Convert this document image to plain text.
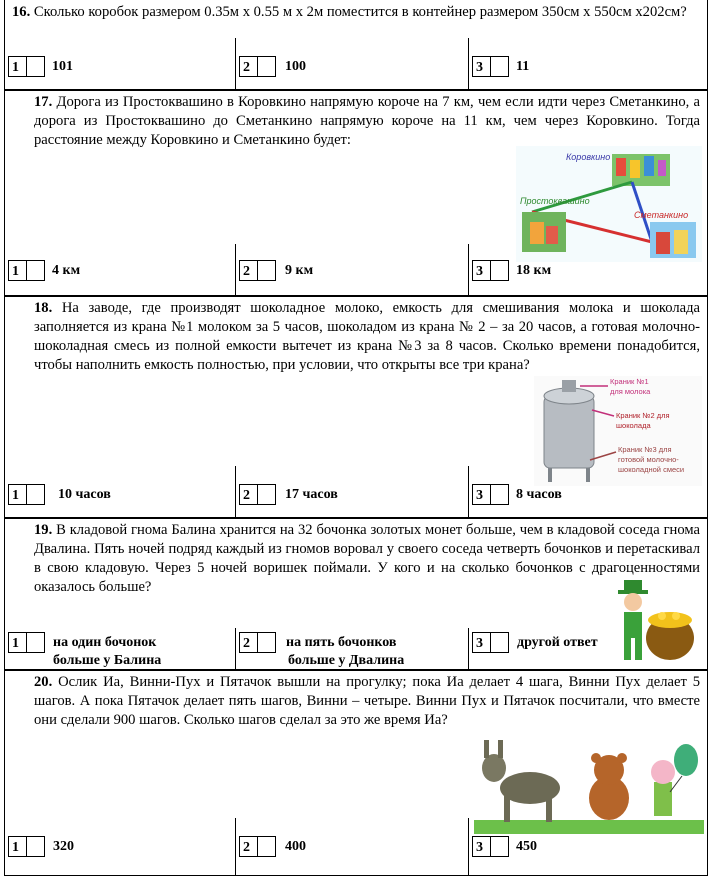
16. Сколько коробок размером 0.35м х 0.55 м х 2м поместится в контейнер размером 350см х 550см х202см?
1	101	2	100	3	11
17. Дорога из Простоквашино в Коровкино напрямую короче на 7 км, чем если идти через Сметанкино, а дорога из Простоквашино до Сметанкино напрямую короче на 11 км, чем через Коровкино. Тогда расстояние между Коровкино и Сметанкино будет:
Коровкино
Простоквашино
Сметанкино
1	4 км	2	9 км	3	18 км
18. На заводе, где производят шоколадное молоко, емкость для смешивания молока и шоколада заполняется из крана №1 молоком за 5 часов, шоколадом из крана № 2 – за 20 часов, а готовая молочно-шоколадная смесь из полной емкости вытечет из крана №3 за 8 часов. Сколько времени понадобится, чтобы наполнить емкость полностью, при условии, что открыты все три крана?
Краник №1
для молока
Краник №2 для
шоколада
Краник №3 для
готовой молочно-
шоколадной смеси
1	10 часов	2	17 часов	3	8 часов
19. В кладовой гнома Балина хранится на 32 бочонка золотых монет больше, чем в кладовой соседа гнома Двалина. Пять ночей подряд каждый из гномов воровал у своего соседа четверть бочонков и перетаскивал в свою кладовую. Через 5 ночей воришек поймали. У кого и на сколько бочонков с драгоценностями оказалось больше?
1	на один бочонок
больше у Балина
2	на пять бочонков
больше у Двалина
3	другой ответ
20. Ослик Иа, Винни-Пух и Пятачок вышли на прогулку; пока Иа делает 4 шага, Винни Пух делает 5 шагов. А пока Пятачок делает пять шагов, Винни – четыре. Винни Пух и Пятачок посчитали, что вместе они сделали 900 шагов. Сколько шагов сделал за это же время Иа?
1	320	2	400	3	450
